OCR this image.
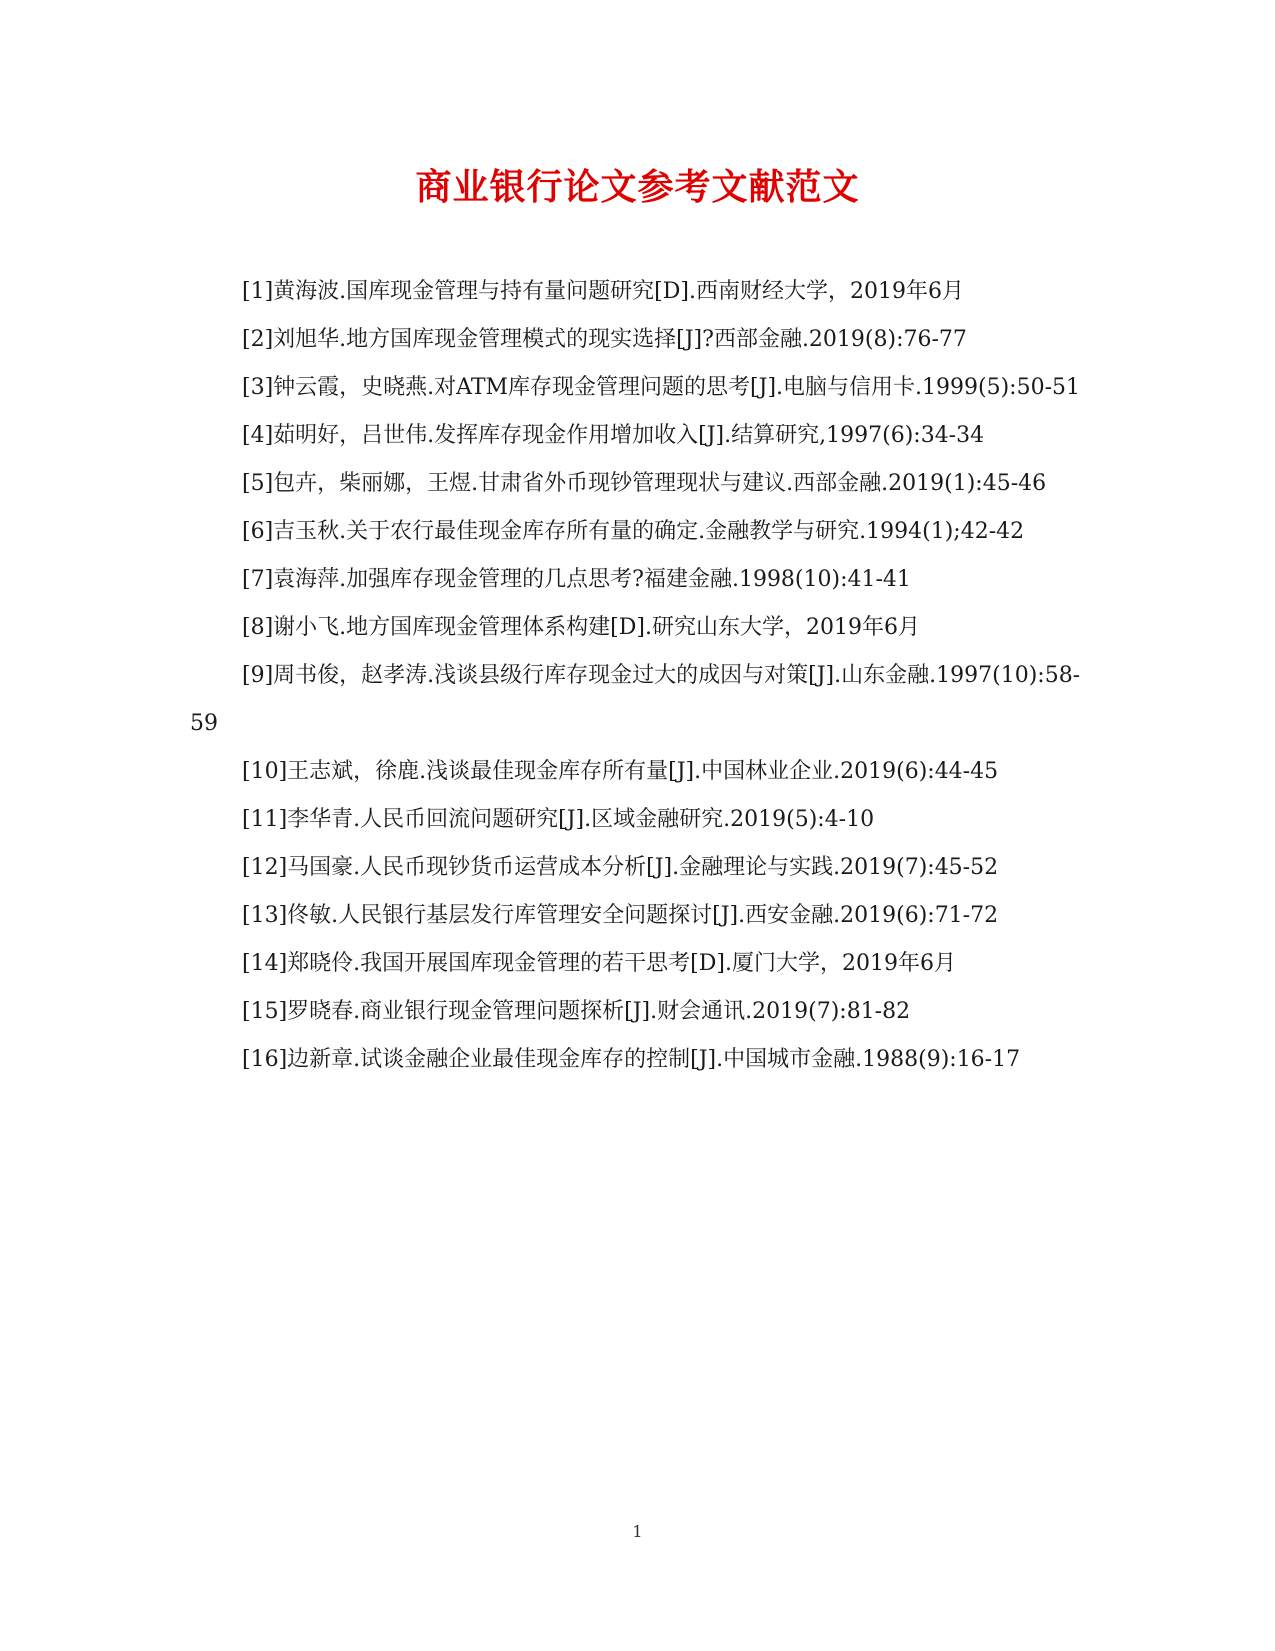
商业银行论文参考文献范文
[1]黄海波.国库现金管理与持有量问题研究[D].西南财经大学，2019年6月
[2]刘旭华.地方国库现金管理模式的现实选择[J]?西部金融.2019(8):76-77
[3]钟云霞，史晓燕.对ATM库存现金管理问题的思考[J].电脑与信用卡.1999(5):50-51
[4]茹明好，吕世伟.发挥库存现金作用增加收入[J].结算研究,1997(6):34-34
[5]包卉，柴丽娜，王煜.甘肃省外币现钞管理现状与建议.西部金融.2019(1):45-46
[6]吉玉秋.关于农行最佳现金库存所有量的确定.金融教学与研究.1994(1);42-42
[7]袁海萍.加强库存现金管理的几点思考?福建金融.1998(10):41-41
[8]谢小飞.地方国库现金管理体系构建[D].研究山东大学，2019年6月
[9]周书俊，赵孝涛.浅谈县级行库存现金过大的成因与对策[J].山东金融.1997(10):58-59
[10]王志斌，徐鹿.浅谈最佳现金库存所有量[J].中国林业企业.2019(6):44-45
[11]李华青.人民币回流问题研究[J].区域金融研究.2019(5):4-10
[12]马国豪.人民币现钞货币运营成本分析[J].金融理论与实践.2019(7):45-52
[13]佟敏.人民银行基层发行库管理安全问题探讨[J].西安金融.2019(6):71-72
[14]郑晓伶.我国开展国库现金管理的若干思考[D].厦门大学，2019年6月
[15]罗晓春.商业银行现金管理问题探析[J].财会通讯.2019(7):81-82
[16]边新章.试谈金融企业最佳现金库存的控制[J].中国城市金融.1988(9):16-17
1
